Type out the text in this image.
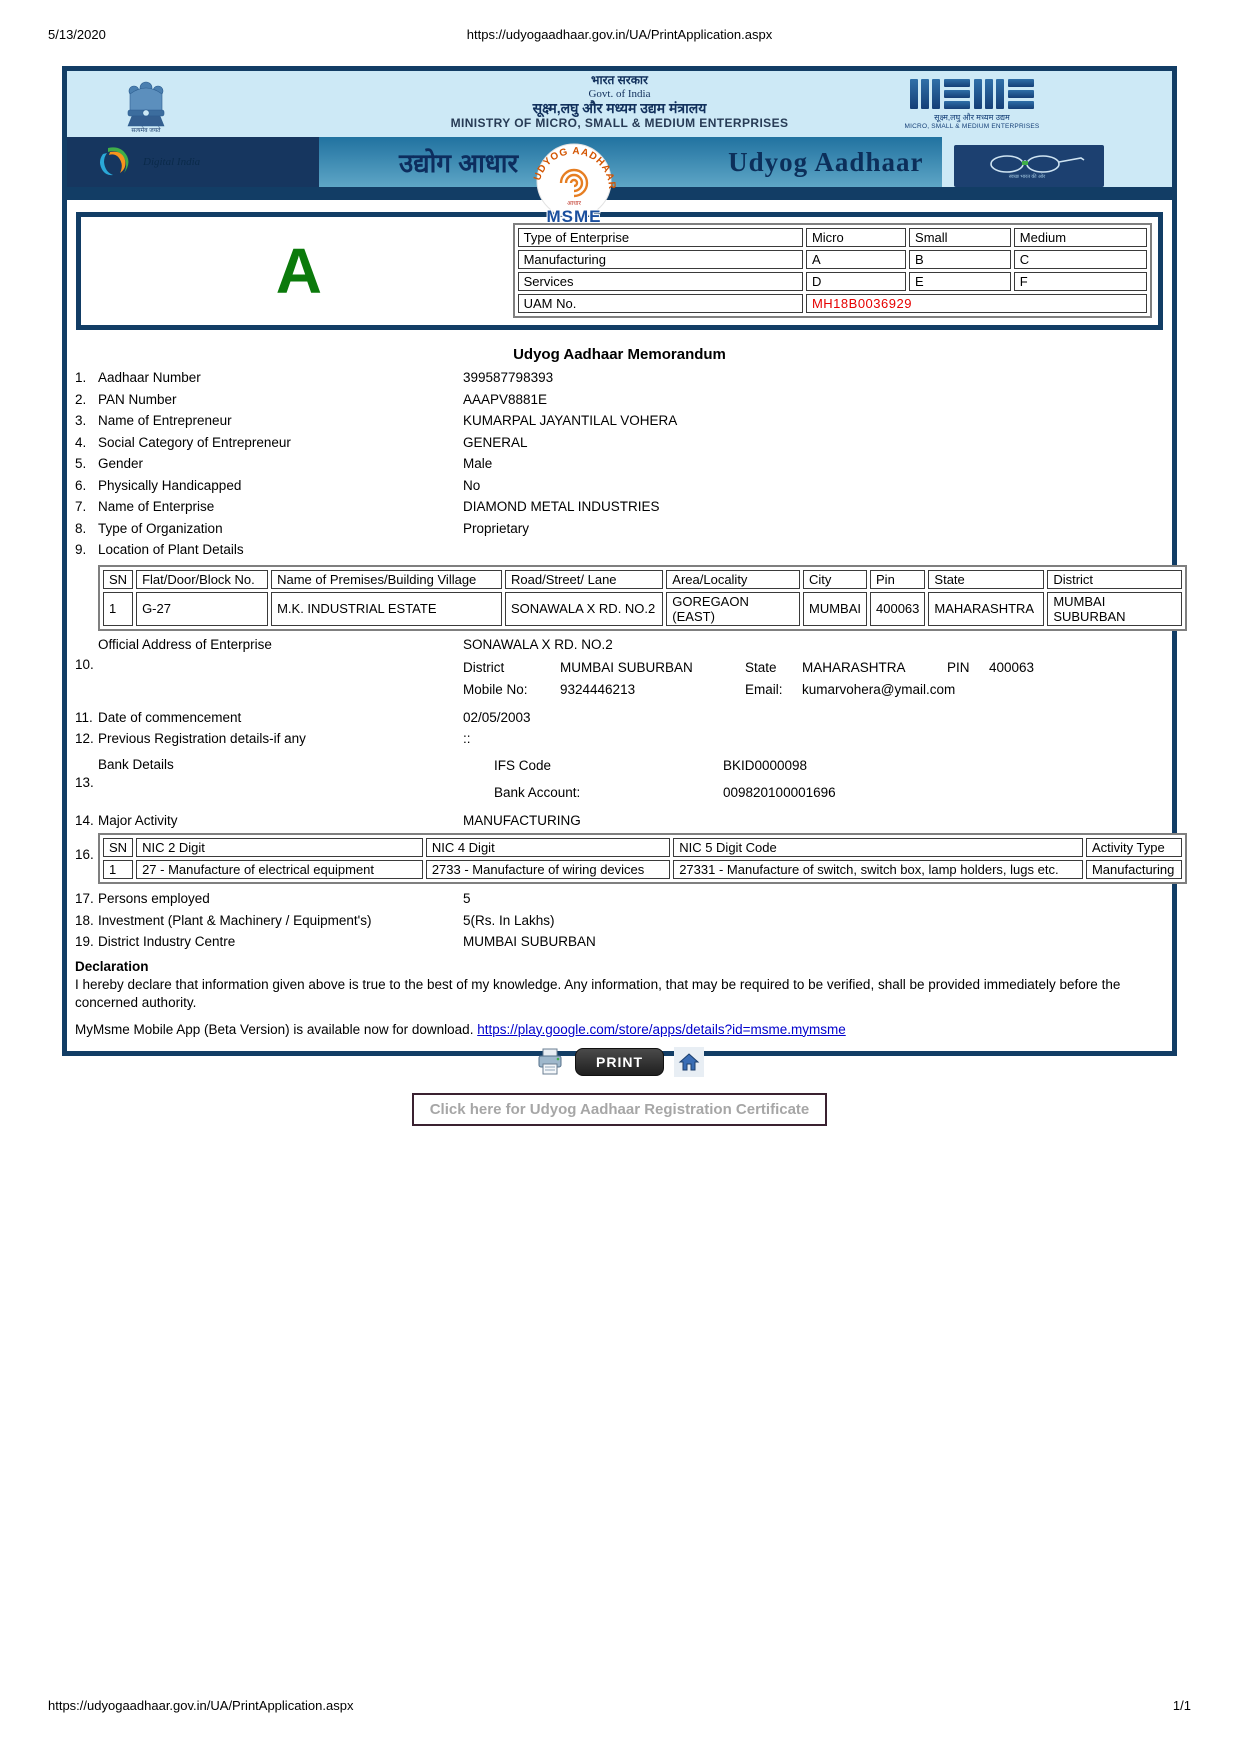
https://udyogaadhaar.gov.in/UA/PrintApplication.aspx
5/13/2020
सत्यमेव जयते
भारत सरकार
Govt. of India
सूक्ष्म,लघु और मध्यम उद्यम मंत्रालय
MINISTRY OF MICRO, SMALL & MEDIUM ENTERPRISES	सूक्ष्म,लघु और मध्यम उद्यम
MICRO, SMALL & MEDIUM ENTERPRISES
Digital India	उद्योग आधार	Udyog Aadhaar
स्वच्छ भारत की ओर
UDYOG AADHAAR
आधार
MSME
A	Type of Enterprise	Micro	Small	Medium
Manufacturing	A	B	C
Services	D	E	F
UAM No.	MH18B0036929		
Udyog Aadhaar Memorandum
1. Aadhaar Number	399587798393
2. PAN Number	AAAPV8881E
3. Name of Entrepreneur	KUMARPAL JAYANTILAL VOHERA
4. Social Category of Entrepreneur	GENERAL
5. Gender	Male
6. Physically Handicapped	No
7. Name of Enterprise	DIAMOND METAL INDUSTRIES
8. Type of Organization	Proprietary
9. Location of Plant Details
SN	Flat/Door/Block No.	Name of Premises/Building Village	Road/Street/ Lane	Area/Locality	City	Pin	State	District
1	G-27	M.K. INDUSTRIAL ESTATE	SONAWALA X RD. NO.2	GOREGAON (EAST)	MUMBAI	400063	MAHARASHTRA	MUMBAI SUBURBAN
Official Address of Enterprise	SONAWALA X RD. NO.2
10.	District	MUMBAI SUBURBAN	State	MAHARASHTRA	PIN	400063
Mobile No:	9324446213	Email:	kumarvohera@ymail.com
11. Date of commencement	02/05/2003
12. Previous Registration details-if any	::
Bank Details
13.
IFS Code	BKID0000098
Bank Account:	009820100001696
14. Major Activity	MANUFACTURING
16. SN	NIC 2 Digit	NIC 4 Digit	NIC 5 Digit Code	Activity Type
1	27 - Manufacture of electrical equipment	2733 - Manufacture of wiring devices	27331 - Manufacture of switch, switch box, lamp holders, lugs etc.	Manufacturing
17. Persons employed	5
18. Investment (Plant & Machinery / Equipment's)	5(Rs. In Lakhs)
19. District Industry Centre	MUMBAI SUBURBAN
Declaration
I hereby declare that information given above is true to the best of my knowledge. Any information, that may be required to be verified, shall be provided immediately before the concerned authority.
MyMsme Mobile App (Beta Version) is available now for download. https://play.google.com/store/apps/details?id=msme.mymsme
PRINT
Click here for Udyog Aadhaar Registration Certificate
https://udyogaadhaar.gov.in/UA/PrintApplication.aspx	1/1
